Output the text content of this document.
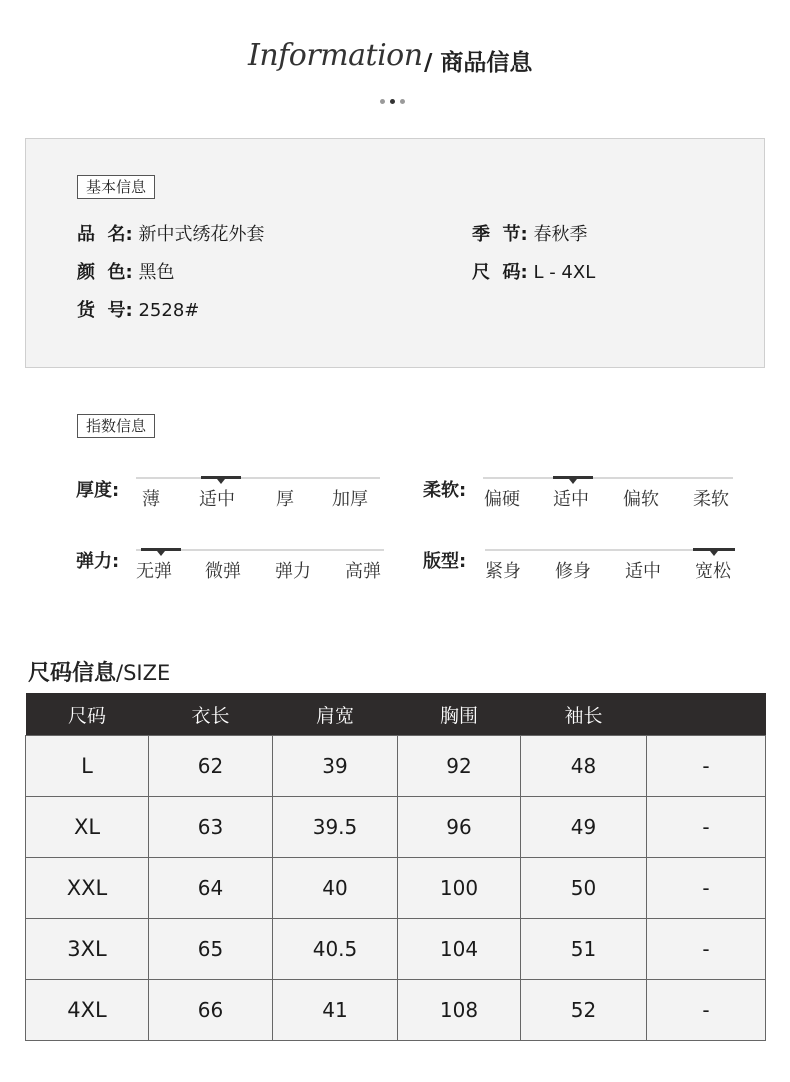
Information / 商品信息
基本信息
品  名: 新中式绣花外套	季  节: 春秋季
颜  色: 黑色	尺  码: L - 4XL
货  号: 2528#
指数信息
厚度: 薄 适中 厚 加厚	柔软: 偏硬 适中 偏软 柔软
弹力: 无弹 微弹 弹力 高弹 版型: 紧身 修身 适中 宽松
尺码信息/SIZE
尺码	衣长	肩宽	胸围	袖长	
L	62	39	92	48	-
XL	63	39.5	96	49	-
XXL	64	40	100	50	-
3XL	65	40.5	104	51	-
4XL	66	41	108	52	-
